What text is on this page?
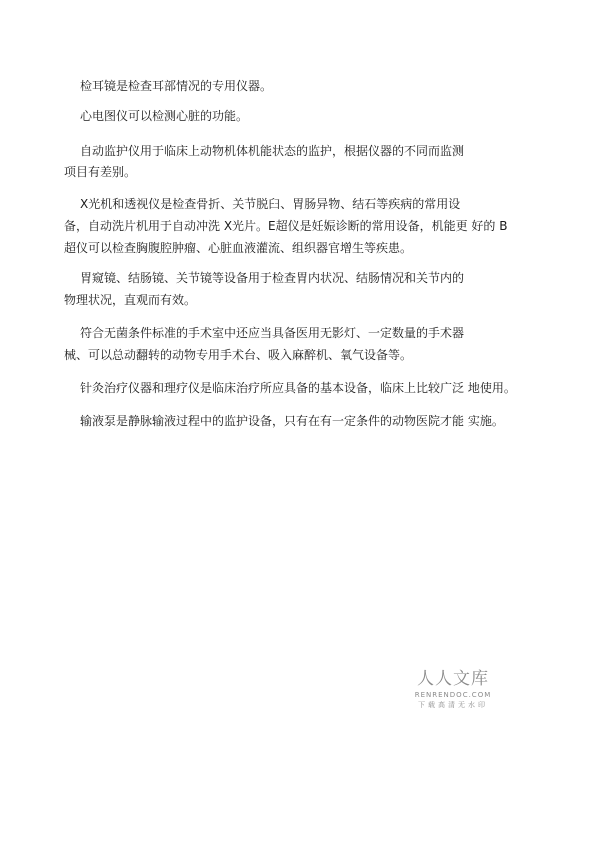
检耳镜是检查耳部情况的专用仪器。
心电图仪可以检测心脏的功能。
自动监护仪用于临床上动物机体机能状态的监护，根据仪器的不同而监测
项目有差别。
X光机和透视仪是检查骨折、关节脱臼、胃肠异物、结石等疾病的常用设
备，自动洗片机用于自动冲洗 X光片。E超仪是妊娠诊断的常用设备，机能更 好的 B
超仪可以检查胸腹腔肿瘤、心脏血液灌流、组织器官增生等疾患。
胃窥镜、结肠镜、关节镜等设备用于检查胃内状况、结肠情况和关节内的
物理状况，直观而有效。
符合无菌条件标准的手术室中还应当具备医用无影灯、一定数量的手术器
械、可以总动翻转的动物专用手术台、吸入麻醉机、氧气设备等。
针灸治疗仪器和理疗仪是临床治疗所应具备的基本设备，临床上比较广泛 地使用。
输液泵是静脉输液过程中的监护设备，只有在有一定条件的动物医院才能 实施。
人人文库
RENRENDOC.COM
下载高清无水印
